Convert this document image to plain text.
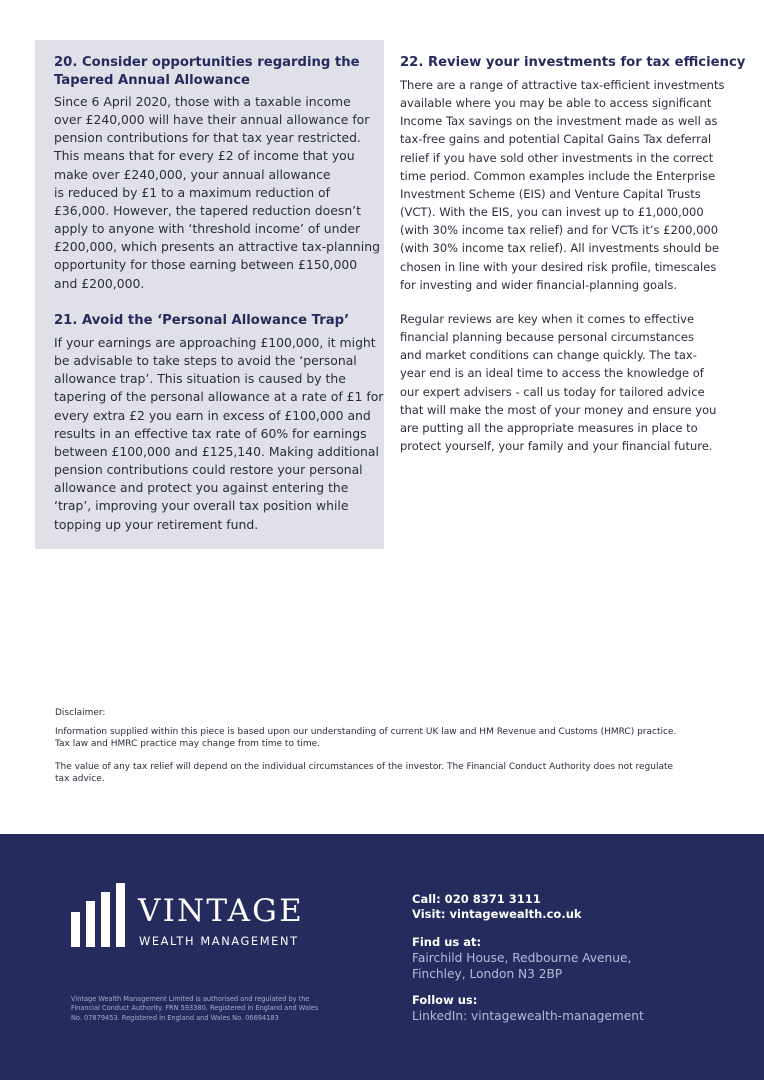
20. Consider opportunities regarding the
Tapered Annual Allowance
Since 6 April 2020, those with a taxable income
over £240,000 will have their annual allowance for
pension contributions for that tax year restricted.
This means that for every £2 of income that you
make over £240,000, your annual allowance
is reduced by £1 to a maximum reduction of
£36,000. However, the tapered reduction doesn’t
apply to anyone with ‘threshold income’ of under
£200,000, which presents an attractive tax-planning
opportunity for those earning between £150,000
and £200,000.
21. Avoid the ‘Personal Allowance Trap’
If your earnings are approaching £100,000, it might
be advisable to take steps to avoid the ‘personal
allowance trap’. This situation is caused by the
tapering of the personal allowance at a rate of £1 for
every extra £2 you earn in excess of £100,000 and
results in an effective tax rate of 60% for earnings
between £100,000 and £125,140. Making additional
pension contributions could restore your personal
allowance and protect you against entering the
‘trap’, improving your overall tax position while
topping up your retirement fund.
22. Review your investments for tax efficiency
There are a range of attractive tax-efficient investments
available where you may be able to access significant
Income Tax savings on the investment made as well as
tax-free gains and potential Capital Gains Tax deferral
relief if you have sold other investments in the correct
time period. Common examples include the Enterprise
Investment Scheme (EIS) and Venture Capital Trusts
(VCT). With the EIS, you can invest up to £1,000,000
(with 30% income tax relief) and for VCTs it’s £200,000
(with 30% income tax relief). All investments should be
chosen in line with your desired risk profile, timescales
for investing and wider financial-planning goals.
Regular reviews are key when it comes to effective
financial planning because personal circumstances
and market conditions can change quickly. The tax-
year end is an ideal time to access the knowledge of
our expert advisers - call us today for tailored advice
that will make the most of your money and ensure you
are putting all the appropriate measures in place to
protect yourself, your family and your financial future.

Disclaimer:

Information supplied within this piece is based upon our understanding of current UK law and HM Revenue and Customs (HMRC) practice.
Tax law and HMRC practice may change from time to time.
The value of any tax relief will depend on the individual circumstances of the investor. The Financial Conduct Authority does not regulate
tax advice.
VINTAGE
WEALTH MANAGEMENT
Vintage Wealth Management Limited is authorised and regulated by the
Financial Conduct Authority. FRN 593380. Registered in England and Wales
No. 07879453. Registered in England and Wales No. 06694183

Call: 020 8371 3111

Visit: vintagewealth.co.uk

Find us at:

Fairchild House, Redbourne Avenue,

Finchley, London N3 2BP

Follow us:

LinkedIn: vintagewealth-management
